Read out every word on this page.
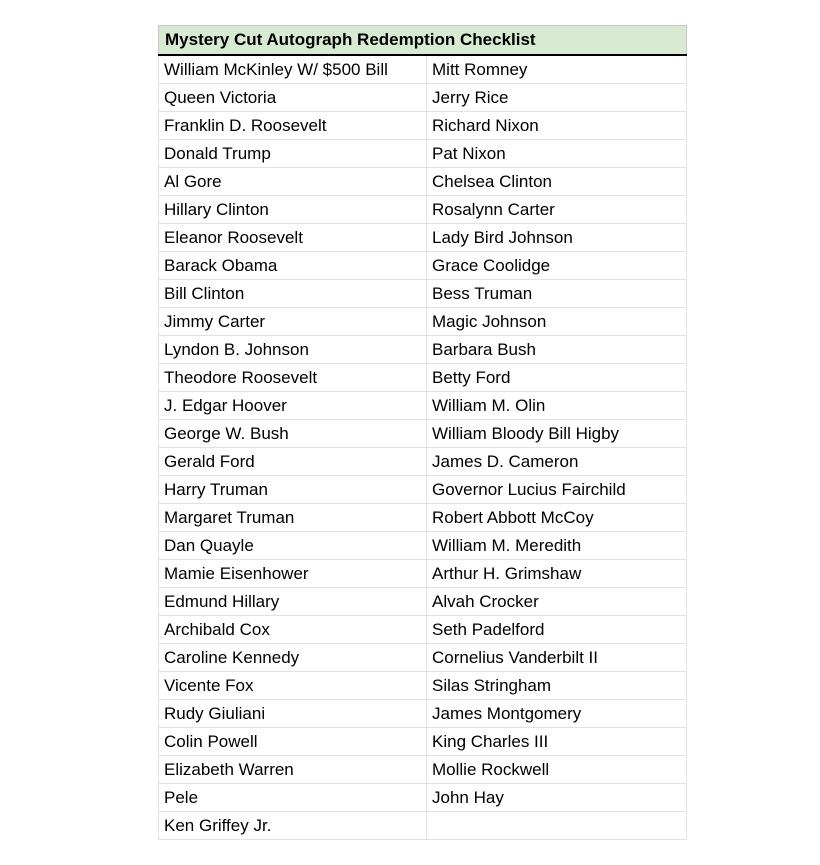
Mystery Cut Autograph Redemption Checklist	
William McKinley W/ $500 Bill	Mitt Romney
Queen Victoria	Jerry Rice
Franklin D. Roosevelt	Richard Nixon
Donald Trump	Pat Nixon
Al Gore	Chelsea Clinton
Hillary Clinton	Rosalynn Carter
Eleanor Roosevelt	Lady Bird Johnson
Barack Obama	Grace Coolidge
Bill Clinton	Bess Truman
Jimmy Carter	Magic Johnson
Lyndon B. Johnson	Barbara Bush
Theodore Roosevelt	Betty Ford
J. Edgar Hoover	William M. Olin
George W. Bush	William Bloody Bill Higby
Gerald Ford	James D. Cameron
Harry Truman	Governor Lucius Fairchild
Margaret Truman	Robert Abbott McCoy
Dan Quayle	William M. Meredith
Mamie Eisenhower	Arthur H. Grimshaw
Edmund Hillary	Alvah Crocker
Archibald Cox	Seth Padelford
Caroline Kennedy	Cornelius Vanderbilt II
Vicente Fox	Silas Stringham
Rudy Giuliani	James Montgomery
Colin Powell	King Charles III
Elizabeth Warren	Mollie Rockwell
Pele	John Hay
Ken Griffey Jr.	
